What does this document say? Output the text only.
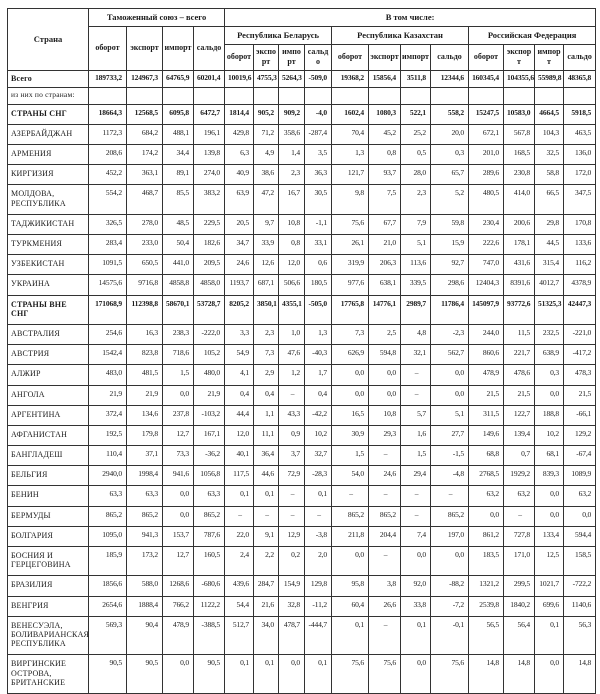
Страна	Таможенный союз – всего				В том числе:											
	оборот	экспорт	импорт	сальдо	Республика Беларусь				Республика Казахстан				Российская Федерация			
					оборот	экспорт	импорт	сальдо	оборот	экспорт	импорт	сальдо	оборот	экспорт	импорт	сальдо
Всего	189733,2	124967,3	64765,9	60201,4	10019,6	4755,3	5264,3	-509,0	19368,2	15856,4	3511,8	12344,6	160345,4	104355,6	55989,8	48365,8
из них по странам:																
СТРАНЫ СНГ	18664,3	12568,5	6095,8	6472,7	1814,4	905,2	909,2	-4,0	1602,4	1080,3	522,1	558,2	15247,5	10583,0	4664,5	5918,5
АЗЕРБАЙДЖАН	1172,3	684,2	488,1	196,1	429,8	71,2	358,6	-287,4	70,4	45,2	25,2	20,0	672,1	567,8	104,3	463,5
АРМЕНИЯ	208,6	174,2	34,4	139,8	6,3	4,9	1,4	3,5	1,3	0,8	0,5	0,3	201,0	168,5	32,5	136,0
КИРГИЗИЯ	452,2	363,1	89,1	274,0	40,9	38,6	2,3	36,3	121,7	93,7	28,0	65,7	289,6	230,8	58,8	172,0
МОЛДОВА, РЕСПУБЛИКА	554,2	468,7	85,5	383,2	63,9	47,2	16,7	30,5	9,8	7,5	2,3	5,2	480,5	414,0	66,5	347,5
ТАДЖИКИСТАН	326,5	278,0	48,5	229,5	20,5	9,7	10,8	-1,1	75,6	67,7	7,9	59,8	230,4	200,6	29,8	170,8
ТУРКМЕНИЯ	283,4	233,0	50,4	182,6	34,7	33,9	0,8	33,1	26,1	21,0	5,1	15,9	222,6	178,1	44,5	133,6
УЗБЕКИСТАН	1091,5	650,5	441,0	209,5	24,6	12,6	12,0	0,6	319,9	206,3	113,6	92,7	747,0	431,6	315,4	116,2
УКРАИНА	14575,6	9716,8	4858,8	4858,0	1193,7	687,1	506,6	180,5	977,6	638,1	339,5	298,6	12404,3	8391,6	4012,7	4378,9
СТРАНЫ ВНЕ СНГ	171068,9	112398,8	58670,1	53728,7	8205,2	3850,1	4355,1	-505,0	17765,8	14776,1	2989,7	11786,4	145097,9	93772,6	51325,3	42447,3
АВСТРАЛИЯ	254,6	16,3	238,3	-222,0	3,3	2,3	1,0	1,3	7,3	2,5	4,8	-2,3	244,0	11,5	232,5	-221,0
АВСТРИЯ	1542,4	823,8	718,6	105,2	54,9	7,3	47,6	-40,3	626,9	594,8	32,1	562,7	860,6	221,7	638,9	-417,2
АЛЖИР	483,0	481,5	1,5	480,0	4,1	2,9	1,2	1,7	0,0	0,0	–	0,0	478,9	478,6	0,3	478,3
АНГОЛА	21,9	21,9	0,0	21,9	0,4	0,4	–	0,4	0,0	0,0	–	0,0	21,5	21,5	0,0	21,5
АРГЕНТИНА	372,4	134,6	237,8	-103,2	44,4	1,1	43,3	-42,2	16,5	10,8	5,7	5,1	311,5	122,7	188,8	-66,1
АФГАНИСТАН	192,5	179,8	12,7	167,1	12,0	11,1	0,9	10,2	30,9	29,3	1,6	27,7	149,6	139,4	10,2	129,2
БАНГЛАДЕШ	110,4	37,1	73,3	-36,2	40,1	36,4	3,7	32,7	1,5	–	1,5	-1,5	68,8	0,7	68,1	-67,4
БЕЛЬГИЯ	2940,0	1998,4	941,6	1056,8	117,5	44,6	72,9	-28,3	54,0	24,6	29,4	-4,8	2768,5	1929,2	839,3	1089,9
БЕНИН	63,3	63,3	0,0	63,3	0,1	0,1	–	0,1	–	–	–	–	63,2	63,2	0,0	63,2
БЕРМУДЫ	865,2	865,2	0,0	865,2	–	–	–	–	865,2	865,2	–	865,2	0,0	–	0,0	0,0
БОЛГАРИЯ	1095,0	941,3	153,7	787,6	22,0	9,1	12,9	-3,8	211,8	204,4	7,4	197,0	861,2	727,8	133,4	594,4
БОСНИЯ И ГЕРЦЕГОВИНА	185,9	173,2	12,7	160,5	2,4	2,2	0,2	2,0	0,0	–	0,0	0,0	183,5	171,0	12,5	158,5
БРАЗИЛИЯ	1856,6	588,0	1268,6	-680,6	439,6	284,7	154,9	129,8	95,8	3,8	92,0	-88,2	1321,2	299,5	1021,7	-722,2
ВЕНГРИЯ	2654,6	1888,4	766,2	1122,2	54,4	21,6	32,8	-11,2	60,4	26,6	33,8	-7,2	2539,8	1840,2	699,6	1140,6
ВЕНЕСУЭЛА, БОЛИВАРИАНСКАЯ РЕСПУБЛИКА	569,3	90,4	478,9	-388,5	512,7	34,0	478,7	-444,7	0,1	–	0,1	-0,1	56,5	56,4	0,1	56,3
ВИРГИНСКИЕ ОСТРОВА, БРИТАНСКИЕ	90,5	90,5	0,0	90,5	0,1	0,1	0,0	0,1	75,6	75,6	0,0	75,6	14,8	14,8	0,0	14,8
